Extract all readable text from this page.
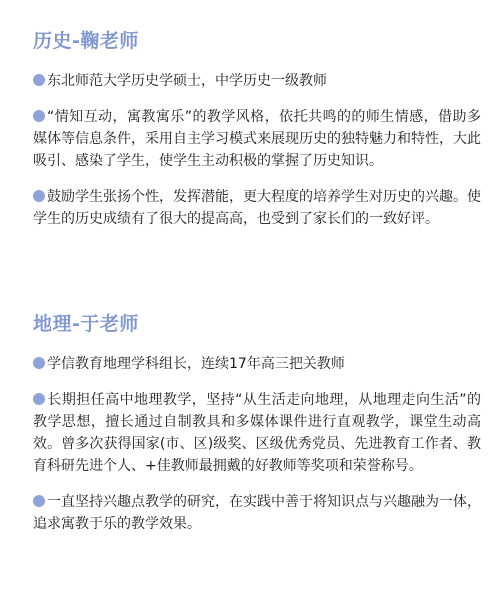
历史-鞠老师

东北师范大学历史学硕士，中学历史一级教师

“情知互动，寓教寓乐”的教学风格，依托共鸣的的师生情感，借助多媒体等信息条件，采用自主学习模式来展现历史的独特魅力和特性，大此吸引、感染了学生，使学生主动积极的掌握了历史知识。

鼓励学生张扬个性，发挥潜能，更大程度的培养学生对历史的兴趣。使学生的历史成绩有了很大的提高高，也受到了家长们的一致好评。

地理-于老师

学信教育地理学科组长，连续17年高三把关教师

长期担任高中地理教学，坚持“从生活走向地理，从地理走向生活”的教学思想，擅长通过自制教具和多媒体课件进行直观教学，课堂生动高效。曾多次获得国家(市、区)级奖、区级优秀党员、先进教育工作者、教育科研先进个人、+佳教师最拥戴的好教师等奖项和荣誉称号。

一直坚持兴趣点教学的研究，在实践中善于将知识点与兴趣融为一体，追求寓教于乐的教学效果。
